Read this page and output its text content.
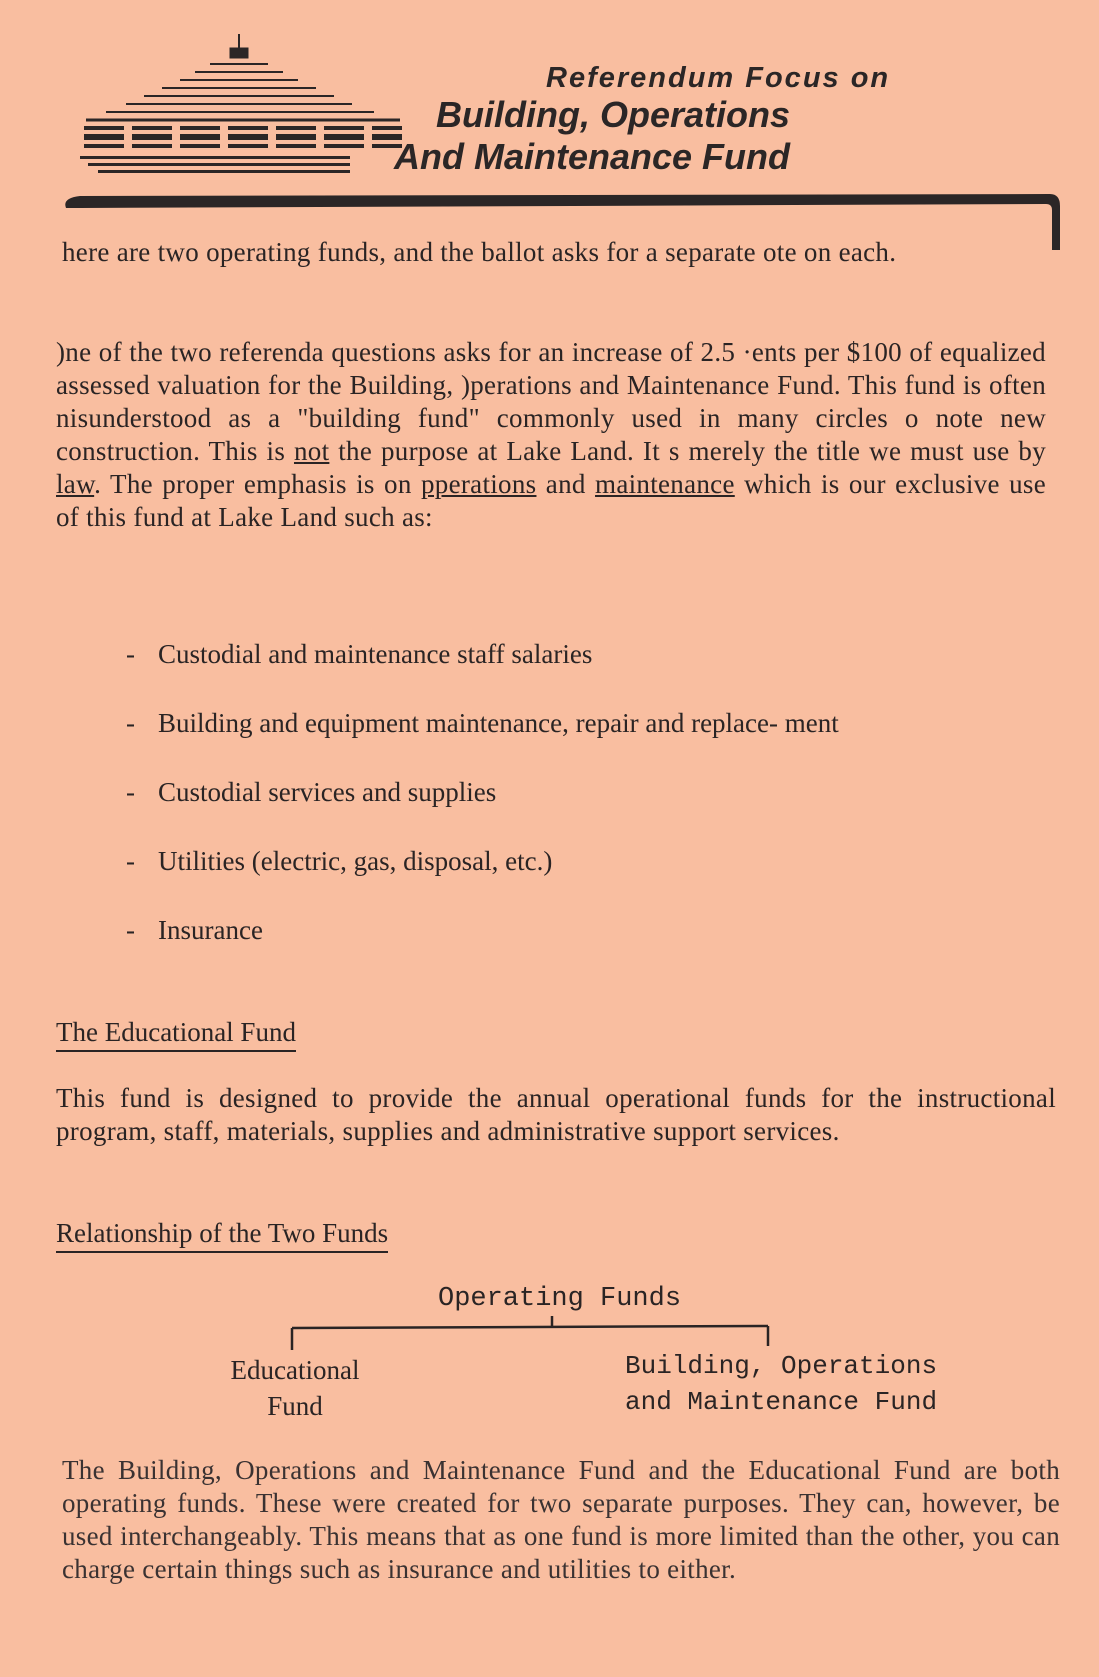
Referendum Focus on
Building, Operations
And Maintenance Fund
here are two operating funds, and the ballot asks for a separate ote on each.
)ne of the two referenda questions asks for an increase of 2.5 ·ents per $100 of equalized assessed valuation for the Building, )perations and Maintenance Fund. This fund is often nisunderstood as a "building fund" commonly used in many circles o note new construction. This is not the purpose at Lake Land. It s merely the title we must use by law. The proper emphasis is on pperations and maintenance which is our exclusive use of this fund at Lake Land such as:
- Custodial and maintenance staff salaries
- Building and equipment maintenance, repair and replace- ment
- Custodial services and supplies
- Utilities (electric, gas, disposal, etc.)
- Insurance
The Educational Fund
This fund is designed to provide the annual operational funds for the instructional program, staff, materials, supplies and administrative support services.
Relationship of the Two Funds
Operating Funds
Educational Fund
Building, Operations
and Maintenance Fund
The Building, Operations and Maintenance Fund and the Educational Fund are both operating funds. These were created for two separate purposes. They can, however, be used interchangeably. This means that as one fund is more limited than the other, you can charge certain things such as insurance and utilities to either.
